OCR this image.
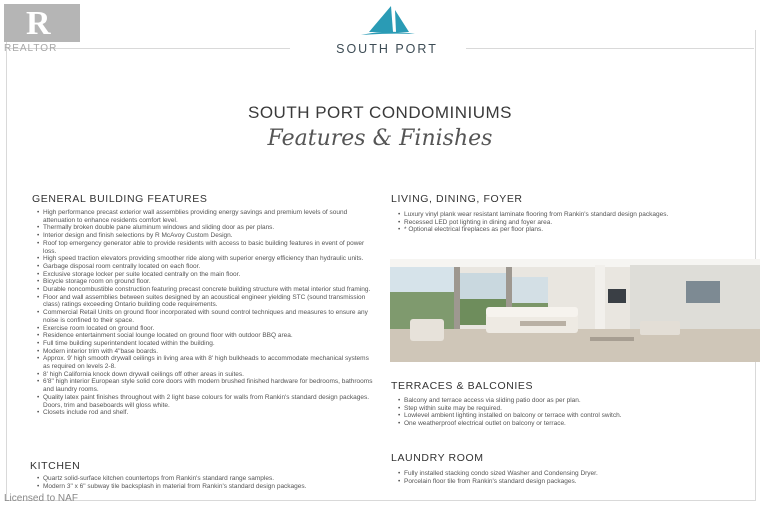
R
REALTOR	SOUTH PORT
SOUTH PORT CONDOMINIUMS
Features & Finishes
GENERAL BUILDING FEATURES
• High performance precast exterior wall assemblies providing energy savings and premium levels of sound attenuation to enhance residents comfort level.
• Thermally broken double pane aluminum windows and sliding door as per plans.
• Interior design and finish selections by R McAvoy Custom Design.
• Roof top emergency generator able to provide residents with access to basic building features in event of power loss.
• High speed traction elevators providing smoother ride along with superior energy efficiency than hydraulic units.
• Garbage disposal room centrally located on each floor.
• Exclusive storage locker per suite located centrally on the main floor.
• Bicycle storage room on ground floor.
• Durable noncombustible construction featuring precast concrete building structure with metal interior stud framing.
• Floor and wall assemblies between suites designed by an acoustical engineer yielding STC (sound transmission class) ratings exceeding Ontario building code requirements.
• Commercial Retail Units on ground floor incorporated with sound control techniques and measures to ensure any noise is confined to their space.
• Exercise room located on ground floor.
• Residence entertainment social lounge located on ground floor with outdoor BBQ area.
• Full time building superintendent located within the building.
• Modern interior trim with 4"base boards.
• Approx. 9' high smooth drywall ceilings in living area with 8' high bulkheads to accommodate mechanical systems as required on levels 2-8.
• 8' high California knock down drywall ceilings off other areas in suites.
• 6'8" high interior European style solid core doors with modern brushed finished hardware for bedrooms, bathrooms and laundry rooms.
• Quality latex paint finishes throughout with 2 light base colours for walls from Rankin's standard design packages. Doors, trim and baseboards will gloss white.
• Closets include rod and shelf.
KITCHEN
• Quartz solid-surface kitchen countertops from Rankin's standard range samples.
• Modern 3" x 6" subway tile backsplash in material from Rankin's standard design packages.
LIVING, DINING, FOYER
• Luxury vinyl plank wear resistant laminate flooring from Rankin's standard design packages.
• Recessed LED pot lighting in dining and foyer area.
• * Optional electrical fireplaces as per floor plans.
TERRACES & BALCONIES
• Balcony and terrace access via sliding patio door as per plan.
• Step within suite may be required.
• Lowlevel ambient lighting installed on balcony or terrace with control switch.
• One weatherproof electrical outlet on balcony or terrace.
LAUNDRY ROOM
• Fully installed stacking condo sized Washer and Condensing Dryer.
• Porcelain floor tile from Rankin's standard design packages.
Licensed to NAF
